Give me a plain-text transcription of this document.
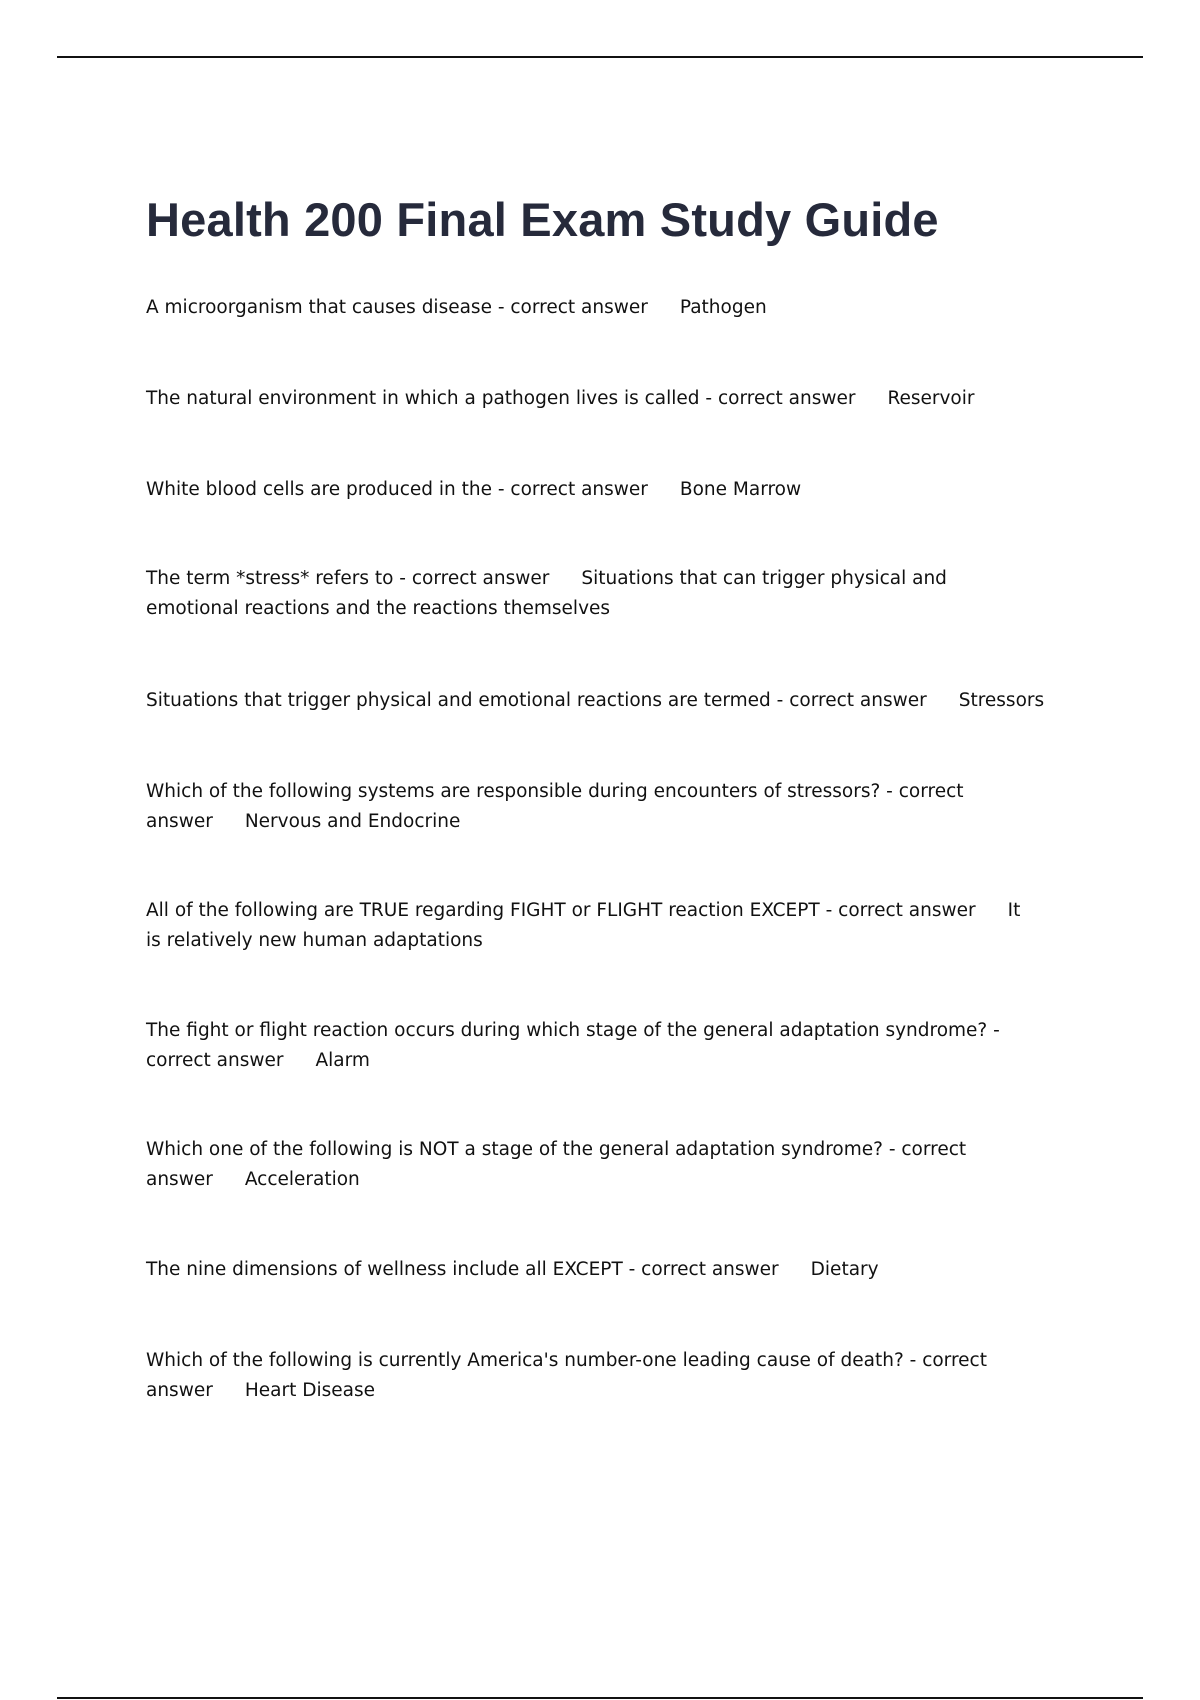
Health 200 Final Exam Study Guide

A microorganism that causes disease - correct answer Pathogen

The natural environment in which a pathogen lives is called - correct answer Reservoir

White blood cells are produced in the - correct answer Bone Marrow

The term *stress* refers to - correct answer Situations that can trigger physical and emotional reactions and the reactions themselves

Situations that trigger physical and emotional reactions are termed - correct answer Stressors

Which of the following systems are responsible during encounters of stressors? - correct answer Nervous and Endocrine

All of the following are TRUE regarding FIGHT or FLIGHT reaction EXCEPT - correct answer It is relatively new human adaptations

The fight or flight reaction occurs during which stage of the general adaptation syndrome? - correct answer Alarm

Which one of the following is NOT a stage of the general adaptation syndrome? - correct answer Acceleration

The nine dimensions of wellness include all EXCEPT - correct answer Dietary

Which of the following is currently America's number-one leading cause of death? - correct answer Heart Disease
